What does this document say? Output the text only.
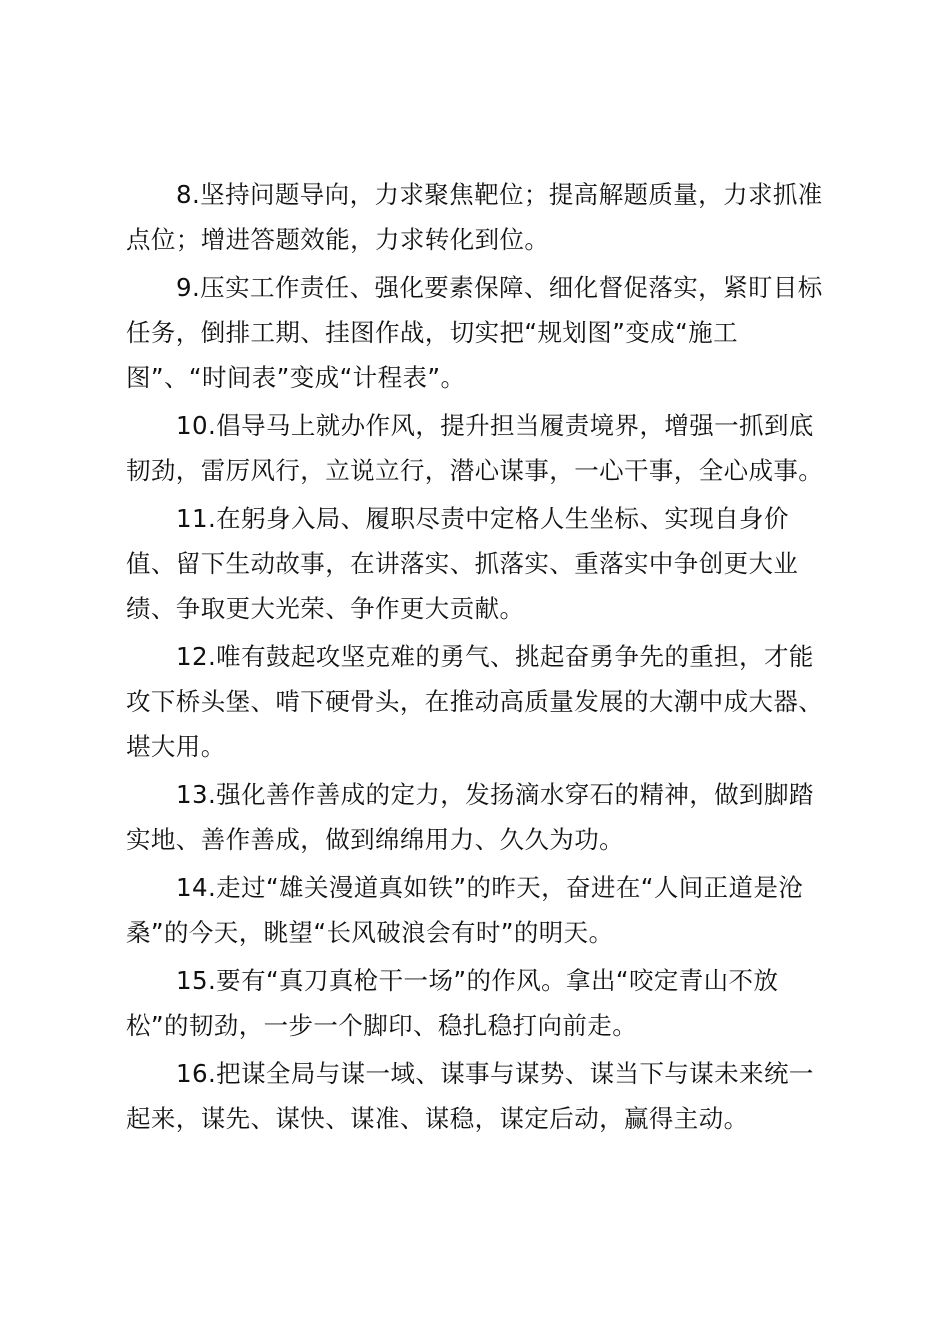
8.坚持问题导向，力求聚焦靶位；提高解题质量，力求抓准点位；增进答题效能，力求转化到位。

9.压实工作责任、强化要素保障、细化督促落实，紧盯目标任务，倒排工期、挂图作战，切实把“规划图”变成“施工
图”、“时间表”变成“计程表”。

10.倡导马上就办作风，提升担当履责境界，增强一抓到底韧劲，雷厉风行，立说立行，潜心谋事，一心干事，全心成事。

11.在躬身入局、履职尽责中定格人生坐标、实现自身价值、留下生动故事，在讲落实、抓落实、重落实中争创更大业绩、争取更大光荣、争作更大贡献。

12.唯有鼓起攻坚克难的勇气、挑起奋勇争先的重担，才能攻下桥头堡、啃下硬骨头，在推动高质量发展的大潮中成大器、堪大用。

13.强化善作善成的定力，发扬滴水穿石的精神，做到脚踏实地、善作善成，做到绵绵用力、久久为功。

14.走过“雄关漫道真如铁”的昨天，奋进在“人间正道是沧
桑”的今天，眺望“长风破浪会有时”的明天。

15.要有“真刀真枪干一场”的作风。拿出“咬定青山不放
松”的韧劲，一步一个脚印、稳扎稳打向前走。

16.把谋全局与谋一域、谋事与谋势、谋当下与谋未来统一起来，谋先、谋快、谋准、谋稳，谋定后动，赢得主动。
